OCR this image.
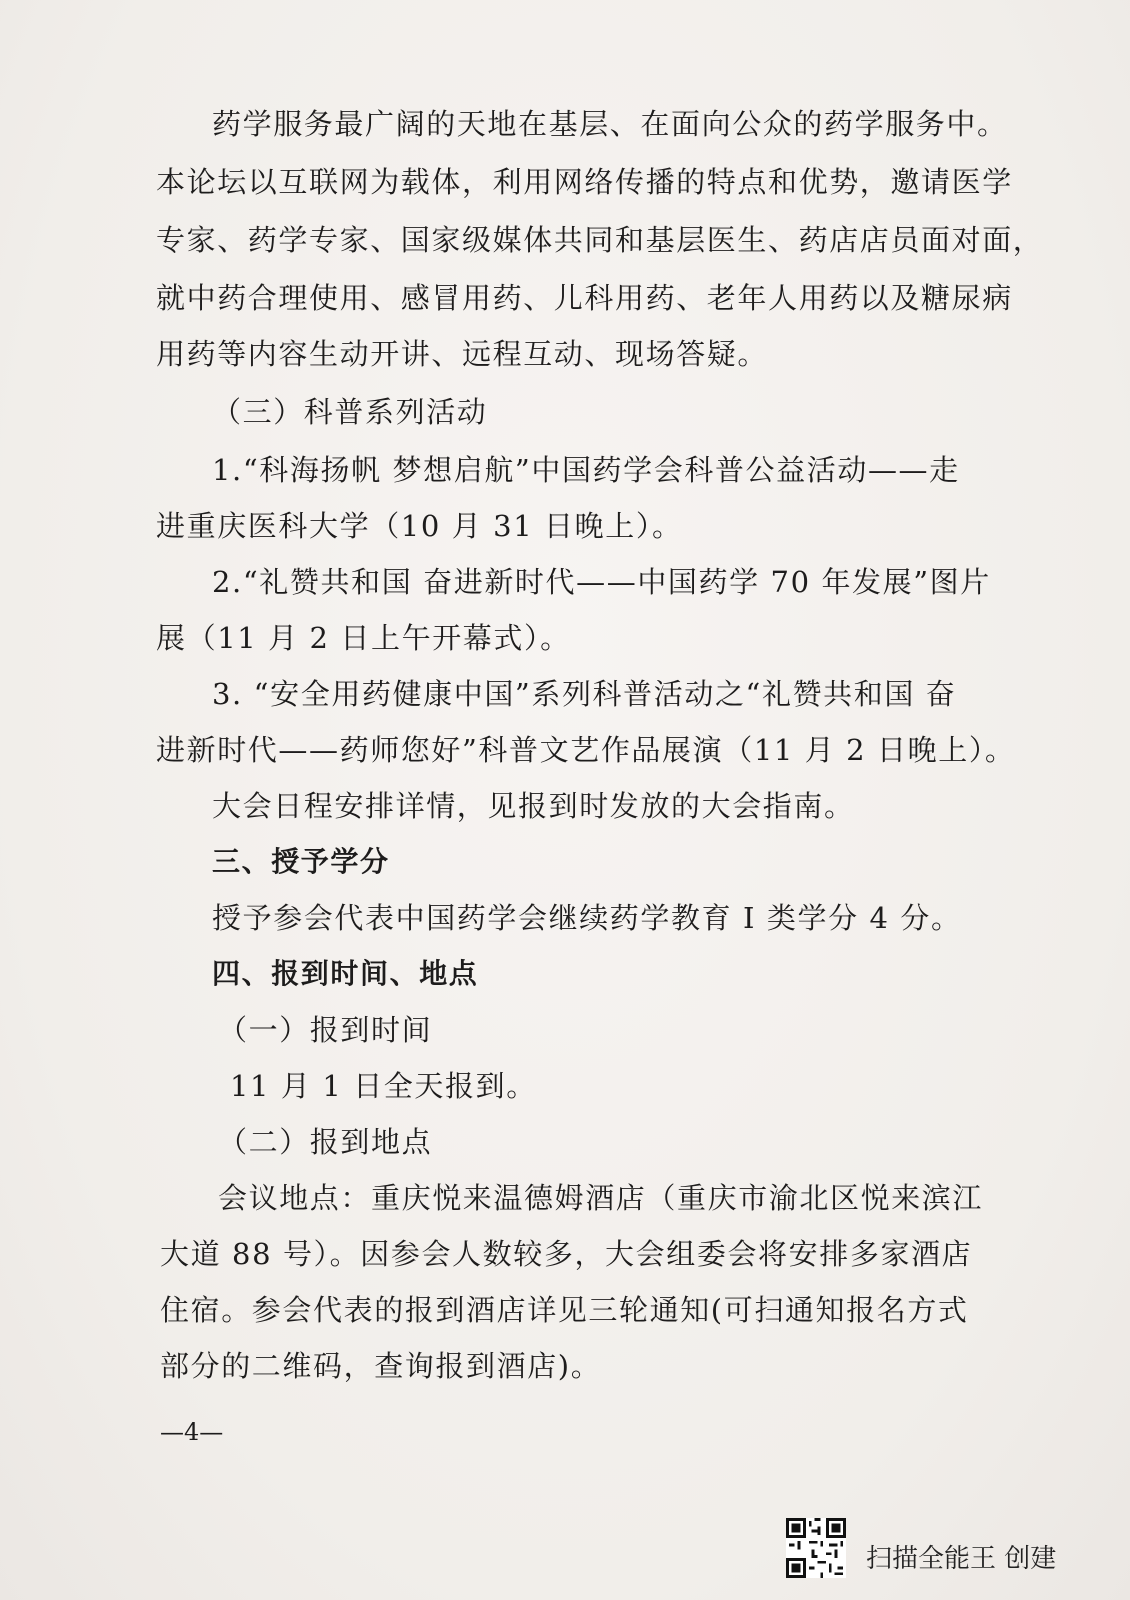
药学服务最广阔的天地在基层、在面向公众的药学服务中。
本论坛以互联网为载体，利用网络传播的特点和优势，邀请医学
专家、药学专家、国家级媒体共同和基层医生、药店店员面对面，
就中药合理使用、感冒用药、儿科用药、老年人用药以及糖尿病
用药等内容生动开讲、远程互动、现场答疑。
（三）科普系列活动
1.“科海扬帆 梦想启航”中国药学会科普公益活动——走
进重庆医科大学（10 月 31 日晚上）。
2.“礼赞共和国 奋进新时代——中国药学 70 年发展”图片
展（11 月 2 日上午开幕式）。
3. “安全用药健康中国”系列科普活动之“礼赞共和国 奋
进新时代——药师您好”科普文艺作品展演（11 月 2 日晚上）。
大会日程安排详情，见报到时发放的大会指南。
三、授予学分
授予参会代表中国药学会继续药学教育 I 类学分 4 分。
四、报到时间、地点
（一）报到时间
11 月 1 日全天报到。
（二）报到地点
会议地点：重庆悦来温德姆酒店（重庆市渝北区悦来滨江
大道 88 号）。因参会人数较多，大会组委会将安排多家酒店
住宿。参会代表的报到酒店详见三轮通知(可扫通知报名方式
部分的二维码，查询报到酒店)。
—4—
扫描全能王 创建
